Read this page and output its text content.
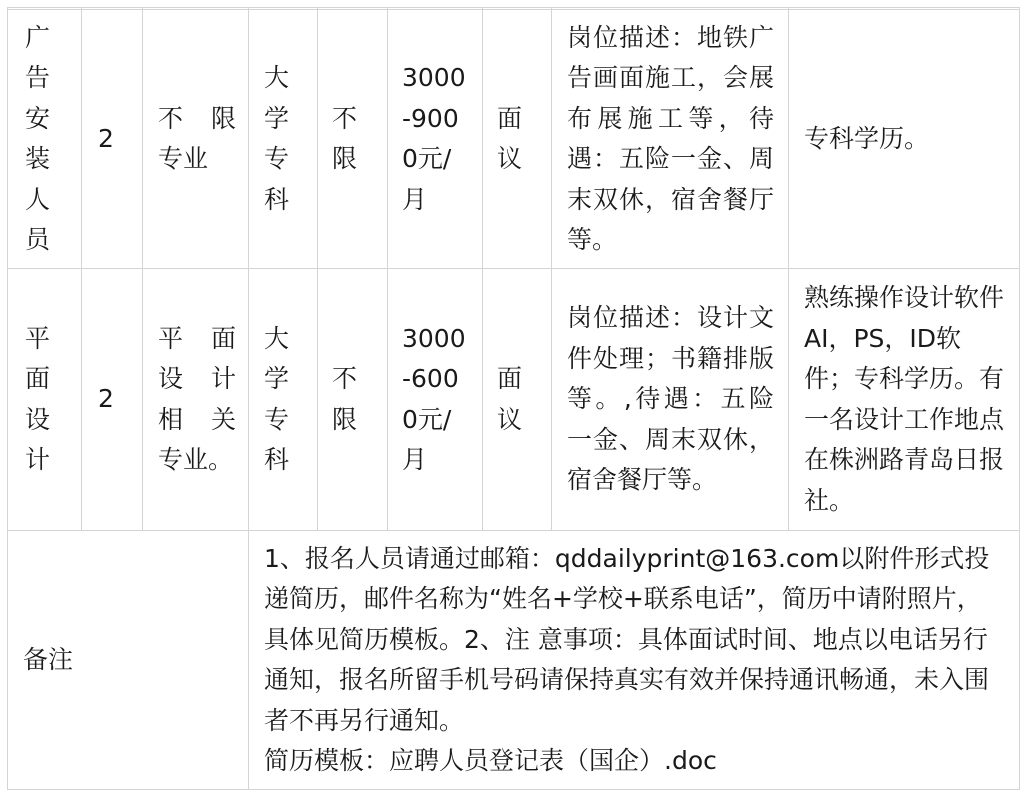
广告安装人员	2	不 限专业	大学专科	不限	3000-9000元/月	面议	岗位描述：地铁广告画面施工，会展布展施工等，待遇：五险一金、周末双休，宿舍餐厅等。	专科学历。

平面设计	2	平 面设 计相 关专业。	大学专科	不限	3000-6000元/月	面议	岗位描述：设计文件处理；书籍排版等。,待遇：五险一金、周末双休，宿舍餐厅等。	熟练操作设计软件AI，PS，ID软件；专科学历。有一名设计工作地点在株洲路青岛日报社。
备注			1、报名人员请通过邮箱：qddailyprint@163.com以附件形式投递简历，邮件名称为“姓名+学校+联系电话”，简历中请附照片，具体见简历模板。2、注 意事项：具体面试时间、地点以电话另行通知，报名所留手机号码请保持真实有效并保持通讯畅通，未入围者不再另行通知。

简历模板：应聘人员登记表（国企）.doc					
